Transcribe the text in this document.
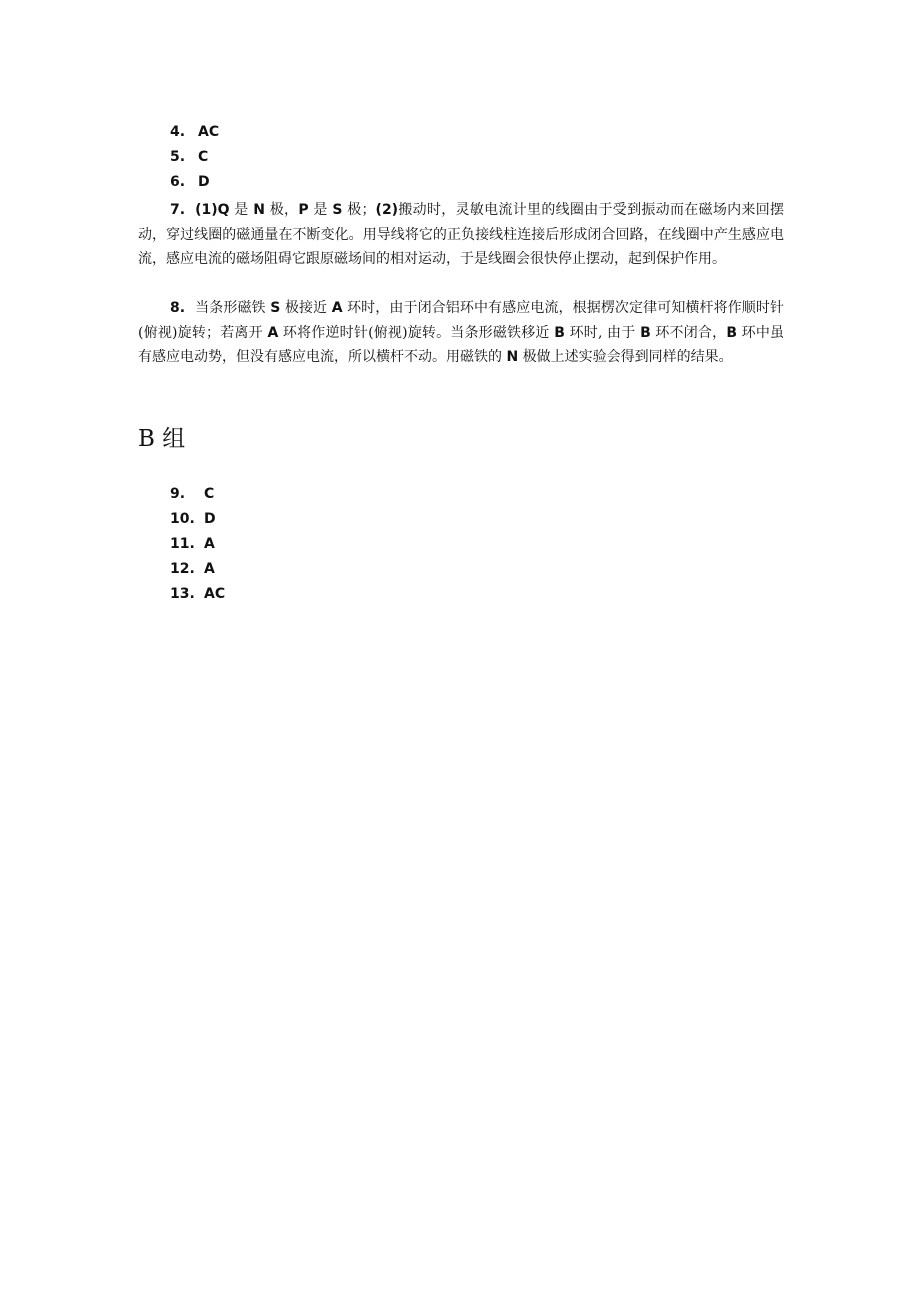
4. AC
5. C
6. D
7. (1)Q 是 N 极，P 是 S 极；(2)搬动时，灵敏电流计里的线圈由于受到振动而在磁场内来回摆动，穿过线圈的磁通量在不断变化。用导线将它的正负接线柱连接后形成闭合回路，在线圈中产生感应电流，感应电流的磁场阻碍它跟原磁场间的相对运动，于是线圈会很快停止摆动，起到保护作用。
8. 当条形磁铁 S 极接近 A 环时，由于闭合铝环中有感应电流，根据楞次定律可知横杆将作顺时针(俯视)旋转；若离开 A 环将作逆时针(俯视)旋转。当条形磁铁移近 B 环时, 由于 B 环不闭合，B 环中虽有感应电动势，但没有感应电流，所以横杆不动。用磁铁的 N 极做上述实验会得到同样的结果。
B 组
9. C
10. D
11. A
12. A
13. AC
